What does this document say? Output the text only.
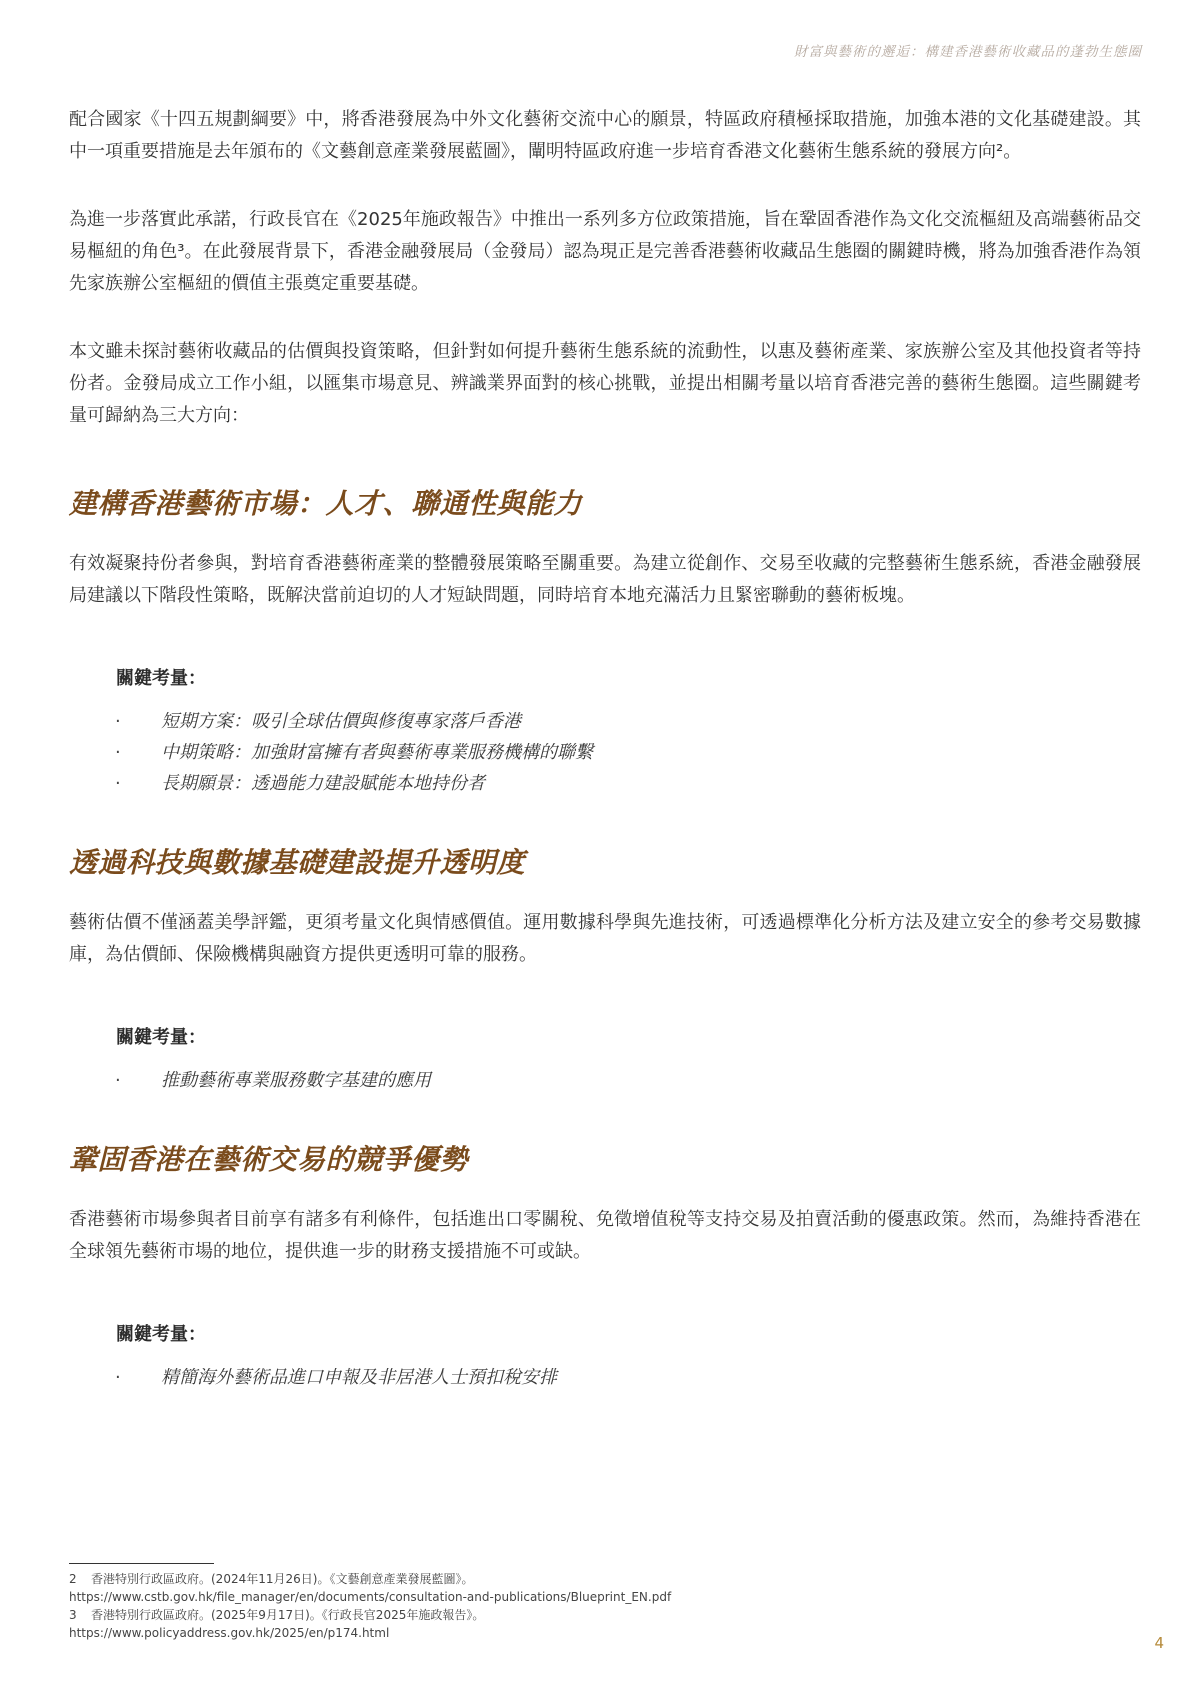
財富與藝術的邂逅：構建香港藝術收藏品的蓬勃生態圈

配合國家《十四五規劃綱要》中，將香港發展為中外文化藝術交流中心的願景，特區政府積極採取措施，加強本港的文化基礎建設。其中一項重要措施是去年頒布的《文藝創意產業發展藍圖》，闡明特區政府進一步培育香港文化藝術生態系統的發展方向²。

為進一步落實此承諾，行政長官在《2025年施政報告》中推出一系列多方位政策措施，旨在鞏固香港作為文化交流樞紐及高端藝術品交易樞紐的角色³。在此發展背景下，香港金融發展局（金發局）認為現正是完善香港藝術收藏品生態圈的關鍵時機，將為加強香港作為領先家族辦公室樞紐的價值主張奠定重要基礎。

本文雖未探討藝術收藏品的估價與投資策略，但針對如何提升藝術生態系統的流動性，以惠及藝術產業、家族辦公室及其他投資者等持份者。金發局成立工作小組，以匯集市場意見、辨識業界面對的核心挑戰，並提出相關考量以培育香港完善的藝術生態圈。這些關鍵考量可歸納為三大方向：

建構香港藝術市場：人才、聯通性與能力

有效凝聚持份者參與，對培育香港藝術產業的整體發展策略至關重要。為建立從創作、交易至收藏的完整藝術生態系統，香港金融發展局建議以下階段性策略，既解決當前迫切的人才短缺問題，同時培育本地充滿活力且緊密聯動的藝術板塊。

關鍵考量：

· 短期方案：吸引全球估價與修復專家落戶香港
· 中期策略：加強財富擁有者與藝術專業服務機構的聯繫
· 長期願景：透過能力建設賦能本地持份者
透過科技與數據基礎建設提升透明度

藝術估價不僅涵蓋美學評鑑，更須考量文化與情感價值。運用數據科學與先進技術，可透過標準化分析方法及建立安全的參考交易數據庫，為估價師、保險機構與融資方提供更透明可靠的服務。

關鍵考量：

· 推動藝術專業服務數字基建的應用
鞏固香港在藝術交易的競爭優勢

香港藝術市場參與者目前享有諸多有利條件，包括進出口零關稅、免徵增值稅等支持交易及拍賣活動的優惠政策。然而，為維持香港在全球領先藝術市場的地位，提供進一步的財務支援措施不可或缺。

關鍵考量：

· 精簡海外藝術品進口申報及非居港人士預扣稅安排
2 香港特別行政區政府。(2024年11月26日)。《文藝創意產業發展藍圖》。
https://www.cstb.gov.hk/file_manager/en/documents/consultation-and-publications/Blueprint_EN.pdf
3 香港特別行政區政府。(2025年9月17日)。《行政長官2025年施政報告》。
https://www.policyaddress.gov.hk/2025/en/p174.html
4
